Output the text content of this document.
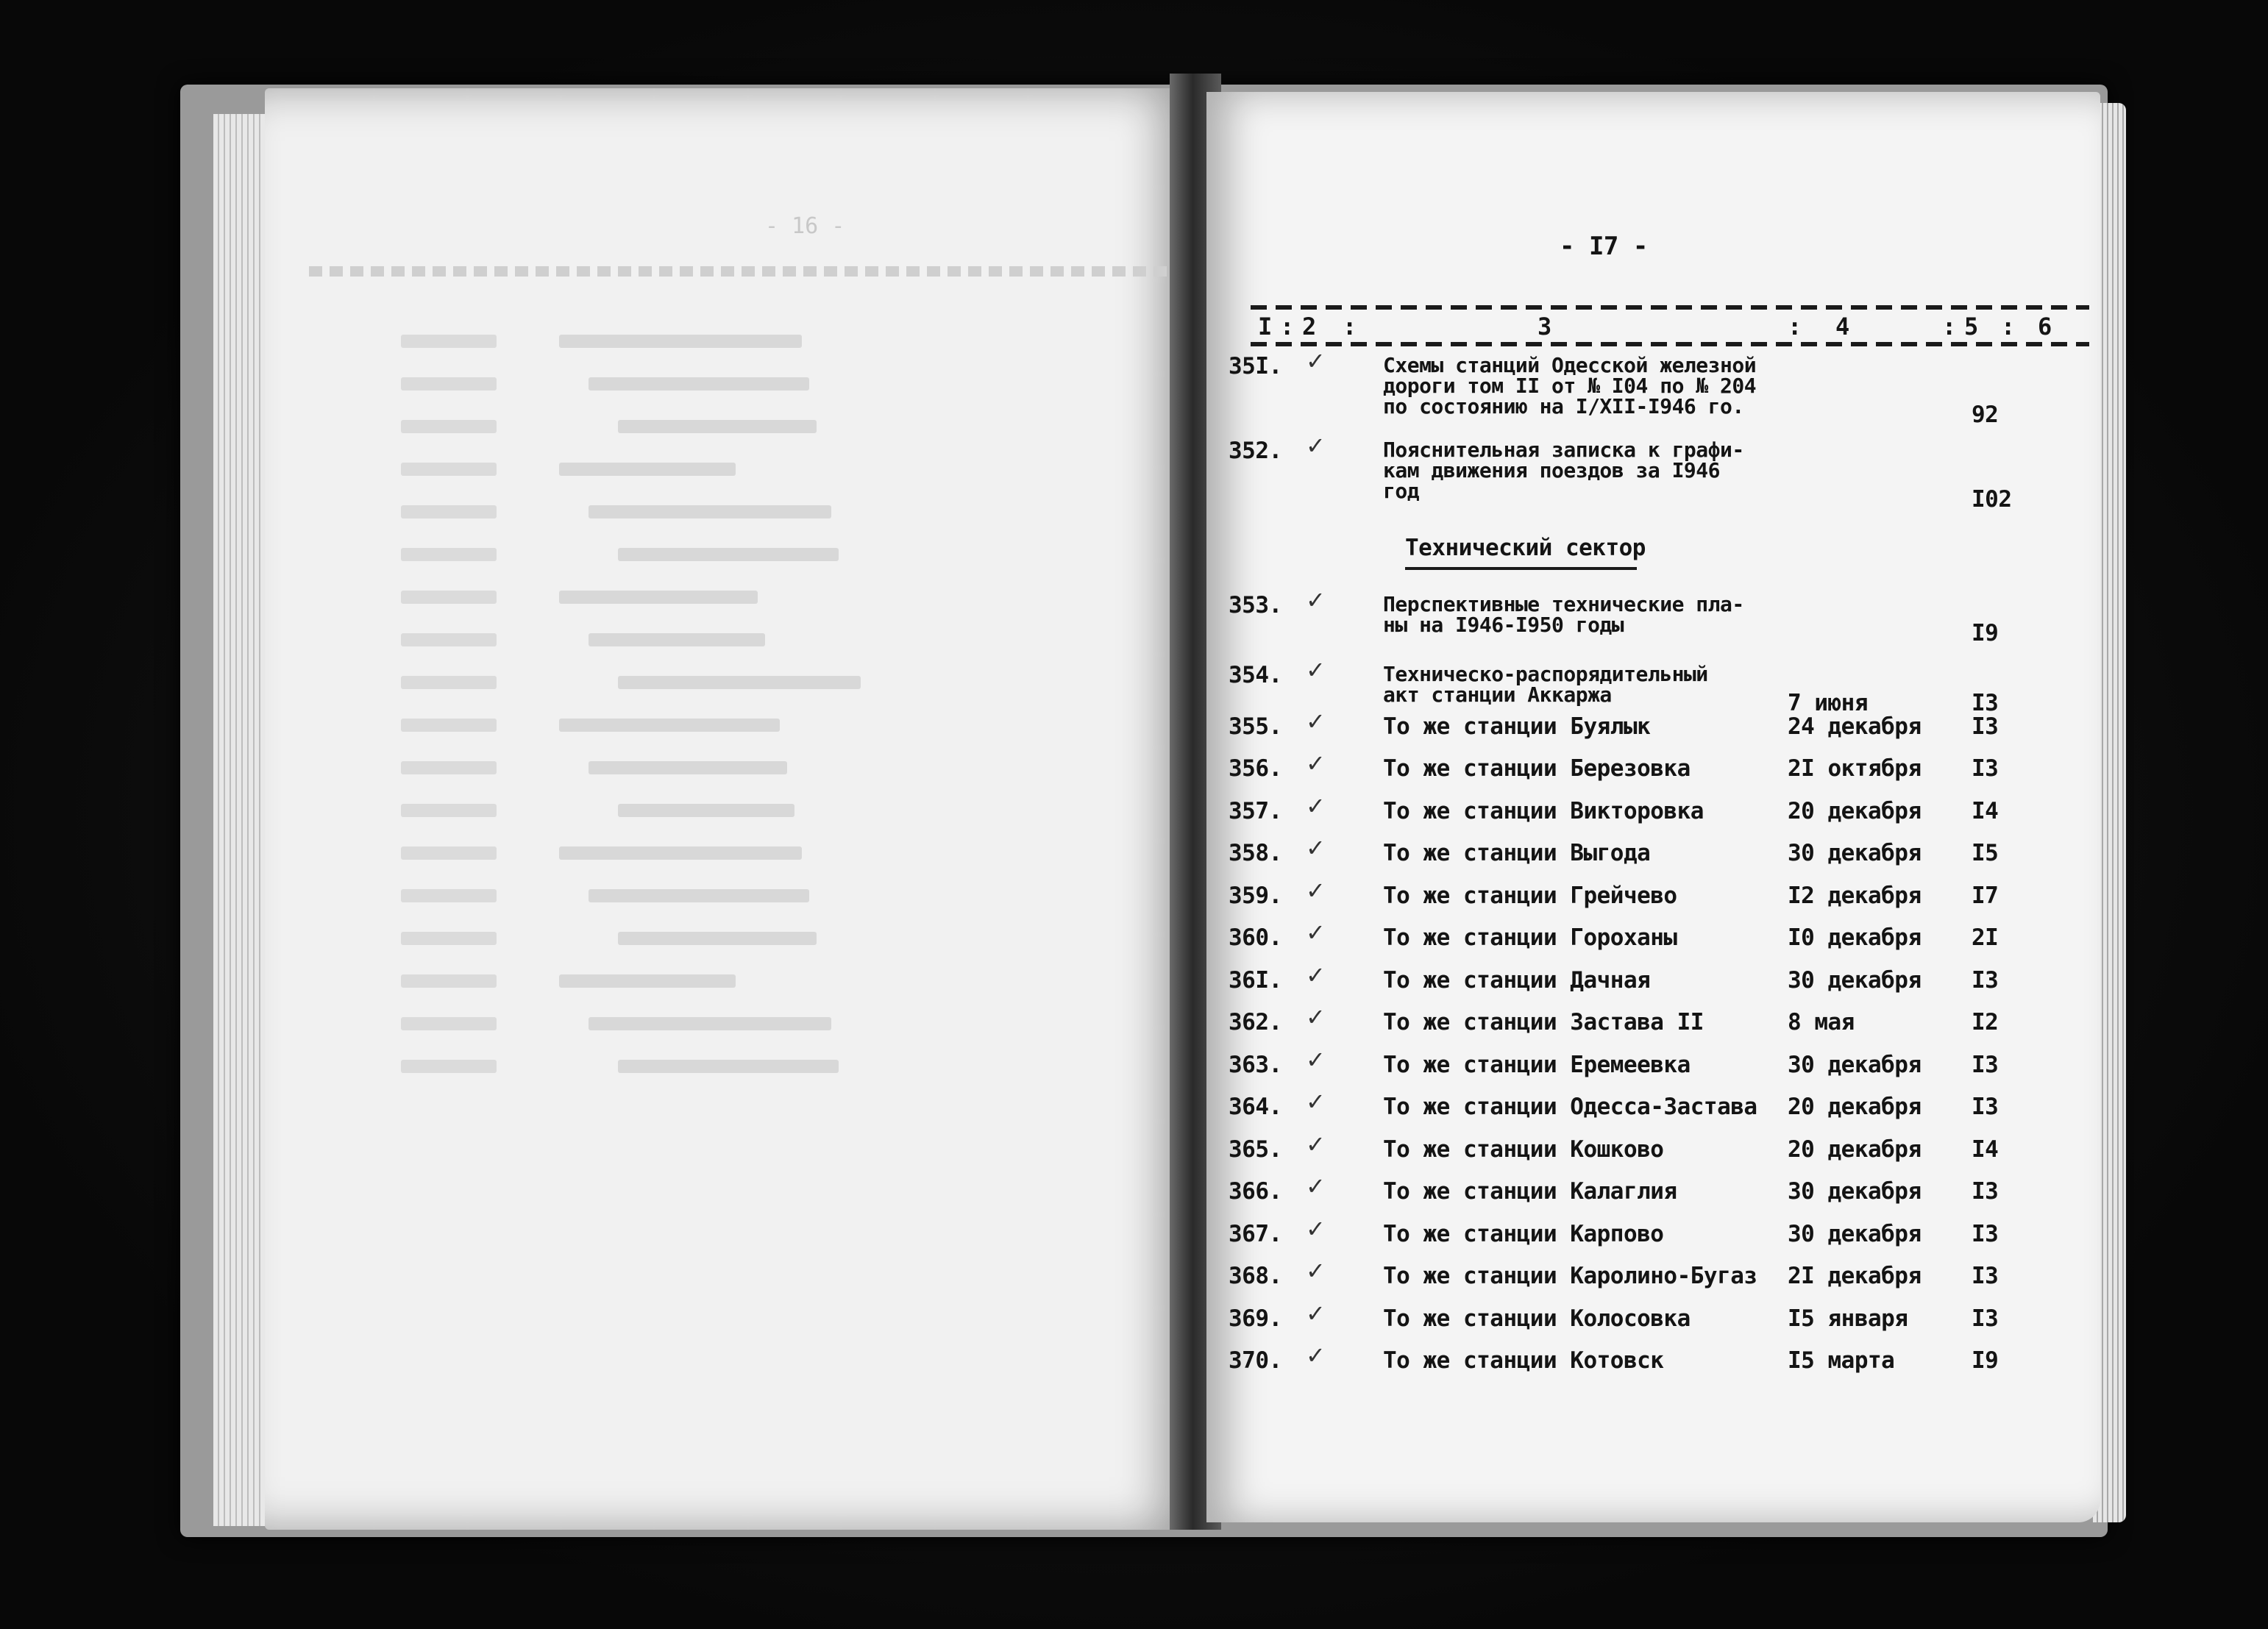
- 16 -
- I7 -
I : 2 :	3	: 4	: 5 : 6
35I. ✓	Схемы станций Одесской железной
дороги том II от № I04 по № 204
по состоянию на I/XII-I946 го.	92
352. ✓	Пояснительная записка к графи-
кам движения поездов за I946
год	I02
353. ✓	Перспективные технические пла-
ны на I946-I950 годы	I9
354. ✓	Техническо-распорядительный
акт станции Аккаржа	7 июня	I3
355. ✓	То же станции Буялык	24 декабря I3
356. ✓	То же станции Березовка	2I октября I3
357. ✓	То же станции Викторовка	20 декабря I4
358. ✓	То же станции Выгода	30 декабря I5
359. ✓	То же станции Грейчево	I2 декабря I7
360. ✓	То же станции Гороханы	I0 декабря 2I
36I. ✓	То же станции Дачная	30 декабря I3
362. ✓	То же станции Застава II	8 мая	I2
363. ✓	То же станции Еремеевка	30 декабря I3
364. ✓	То же станции Одесса-Застава 20 декабря I3
365. ✓	То же станции Кошково	20 декабря I4
366. ✓	То же станции Калаглия	30 декабря I3
367. ✓	То же станции Карпово	30 декабря I3
368. ✓	То же станции Каролино-Бугаз 2I декабря I3
369. ✓	То же станции Колосовка	I5 января	I3
370. ✓	То же станции Котовск	I5 марта	I9
Технический сектор
